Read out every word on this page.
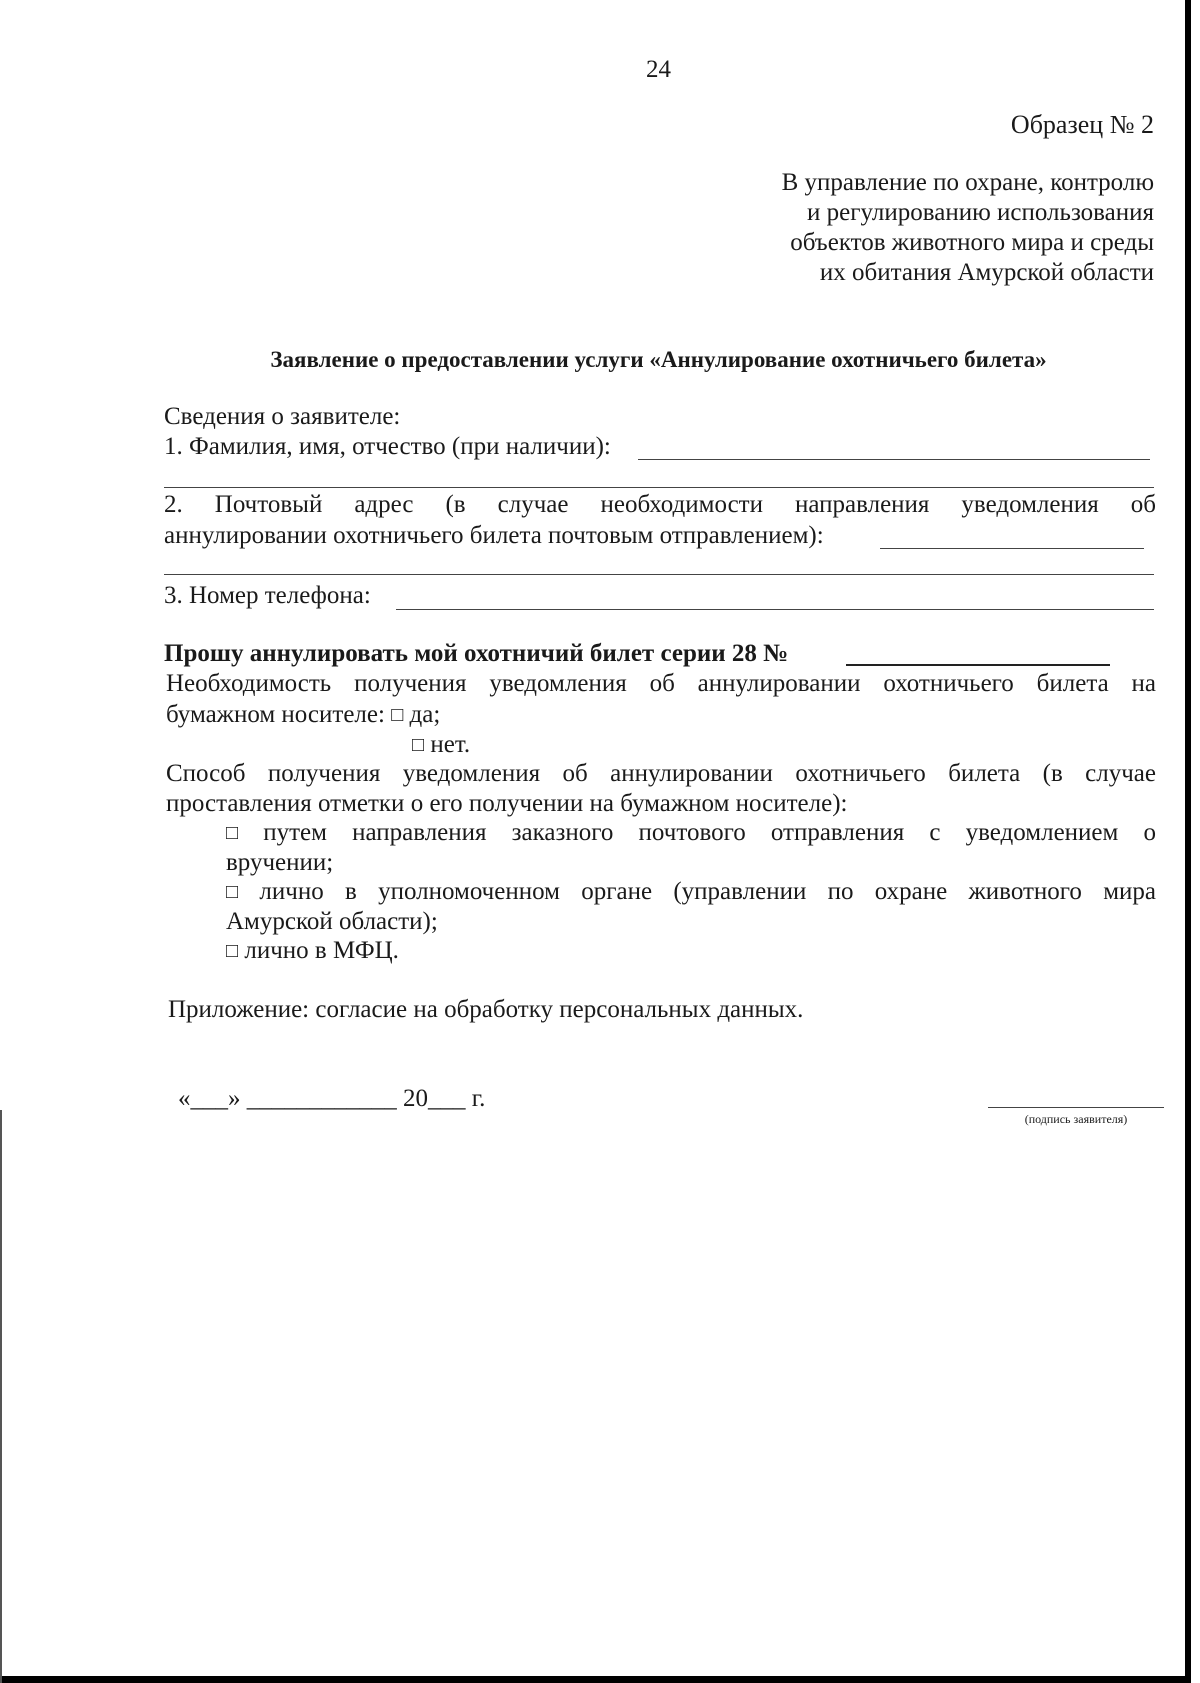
24
Образец № 2
В управление по охране, контролю
и регулированию использования
объектов животного мира и среды
их обитания Амурской области
Заявление о предоставлении услуги «Аннулирование охотничьего билета»
Сведения о заявителе:
1. Фамилия, имя, отчество (при наличии):
2. Почтовый адрес (в случае необходимости направления уведомления об
аннулировании охотничьего билета почтовым отправлением):
3. Номер телефона:
Прошу аннулировать мой охотничий билет серии 28 №
Необходимость получения уведомления об аннулировании охотничьего билета на
бумажном носителе: □ да;
□ нет.
Способ получения уведомления об аннулировании охотничьего билета (в случае
проставления отметки о его получении на бумажном носителе):
□ путем направления заказного почтового отправления с уведомлением о
вручении;
□ лично в уполномоченном органе (управлении по охране животного мира
Амурской области);
□ лично в МФЦ.
Приложение: согласие на обработку персональных данных.
«___» ____________ 20___ г.
(подпись заявителя)
